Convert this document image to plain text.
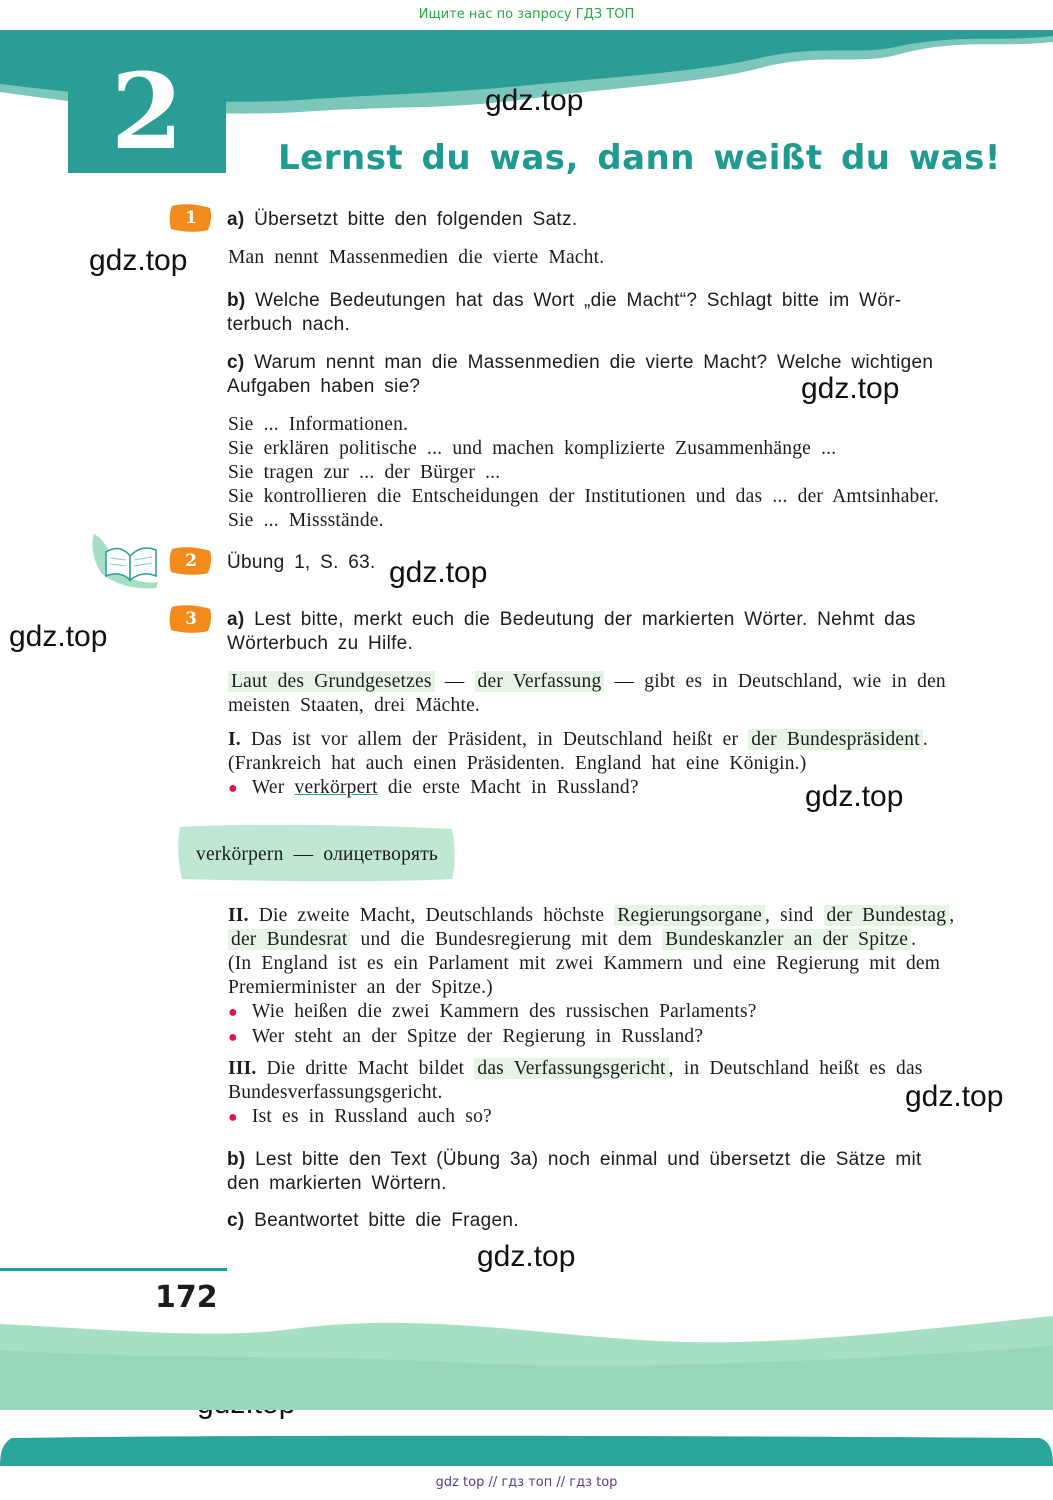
Ищите нас по запросу ГДЗ ТОП
2	Lernst du was, dann weißt du was!
gdz.top
gdz.top
gdz.top
gdz.top
gdz.top
gdz.top
gdz.top
gdz.top
1	a) Übersetzt bitte den folgenden Satz.
Man nennt Massenmedien die vierte Macht.
b) Welche Bedeutungen hat das Wort „die Macht“? Schlagt bitte im Wör-
terbuch nach.
c) Warum nennt man die Massenmedien die vierte Macht? Welche wichtigen
Aufgaben haben sie?
Sie ... Informationen.
Sie erklären politische ... und machen komplizierte Zusammenhänge ...
Sie tragen zur ... der Bürger ...
Sie kontrollieren die Entscheidungen der Institutionen und das ... der Amtsinhaber.
Sie ... Missstände.
2	Übung 1, S. 63.
3	a) Lest bitte, merkt euch die Bedeutung der markierten Wörter. Nehmt das
Wörterbuch zu Hilfe.
Laut des Grundgesetzes — der Verfassung — gibt es in Deutschland, wie in den
meisten Staaten, drei Mächte.
I. Das ist vor allem der Präsident, in Deutschland heißt er der Bundespräsident .
(Frankreich hat auch einen Präsidenten. England hat eine Königin.)
● Wer verkörpert die erste Macht in Russland?
verkörpern — олицетворять
II. Die zweite Macht, Deutschlands höchste Regierungsorgane , sind der Bundestag ,
der Bundesrat und die Bundesregierung mit dem Bundeskanzler an der Spitze .
(In England ist es ein Parlament mit zwei Kammern und eine Regierung mit dem
Premierminister an der Spitze.)
● Wie heißen die zwei Kammern des russischen Parlaments?
● Wer steht an der Spitze der Regierung in Russland?
III. Die dritte Macht bildet das Verfassungsgericht , in Deutschland heißt es das
Bundesverfassungsgericht.
● Ist es in Russland auch so?
b) Lest bitte den Text (Übung 3a) noch einmal und übersetzt die Sätze mit
den markierten Wörtern.
c) Beantwortet bitte die Fragen.
172
gdz top // гдз топ // гдз top
